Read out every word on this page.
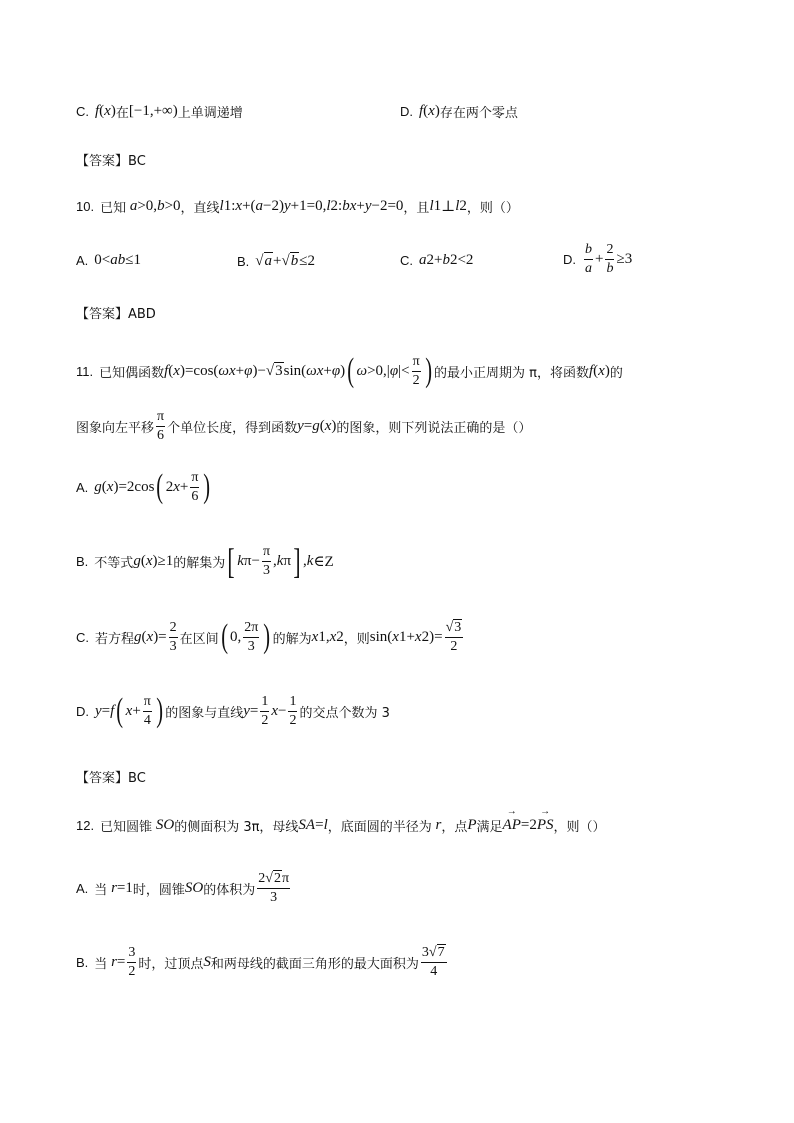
C. f ( x ) 在 [−1,+∞) 上单调递增	D. f ( x ) 存在两个零点
【答案】BC
10. 已知 a >0, b >0 ，直线 l 1 : x +( a −2) y +1=0, l 2 : bx + y −2=0 ，且 l 1 ⊥ l 2 ，则（）
A. 0< ab ≤1	B. √ a +√ b ≤2	C. a 2 + b 2 <2	D. $\frac{b}{a} + \frac{2}{b} \ge 3$
【答案】ABD
11. 已知偶函数 f ( x )=cos( ωx + φ )−√ 3 sin( ωx + φ ) ( ω >0,| φ |< $\frac{\pi}{2}$ ) 的最小正周期为 π，将函数 f ( x ) 的
图象向左平移 $\frac{\pi}{6}$ 个单位长度，得到函数 y = g ( x ) 的图象，则下列说法正确的是（）
A. g ( x )=2cos ( 2 $x + \frac{\pi}{6}$ )
B. 不等式 g ( x )≥1 的解集为 [ k $\pi- \frac{\pi}{3}$ , k π ] , k ∈Z
C. 若方程 g ( x )= $\frac{2}{3}$ 在区间 ( 0, $\frac{2\pi}{3}$ ) 的解为 x 1 , x 2 ，则 sin( x 1 + x 2 )= $\frac{√3}{2}$
D. y = f ( $x + \frac{\pi}{4}$ ) 的图象与直线 $y = \frac{1}{2}$ $x - \frac{1}{2}$ 的交点个数为 3
【答案】BC
12. 已知圆锥 SO 的侧面积为 3π，母线 SA = l ，底面圆的半径为 r ，点 P 满足 → AP =2 → PS ，则（）
A. 当 r =1 时，圆锥 SO 的体积为 $\frac{2√2\pi}{3}$
B. 当 $r = \frac{3}{2}$ 时，过顶点 S 和两母线的截面三角形的最大面积为 $\frac{3√7}{4}$
